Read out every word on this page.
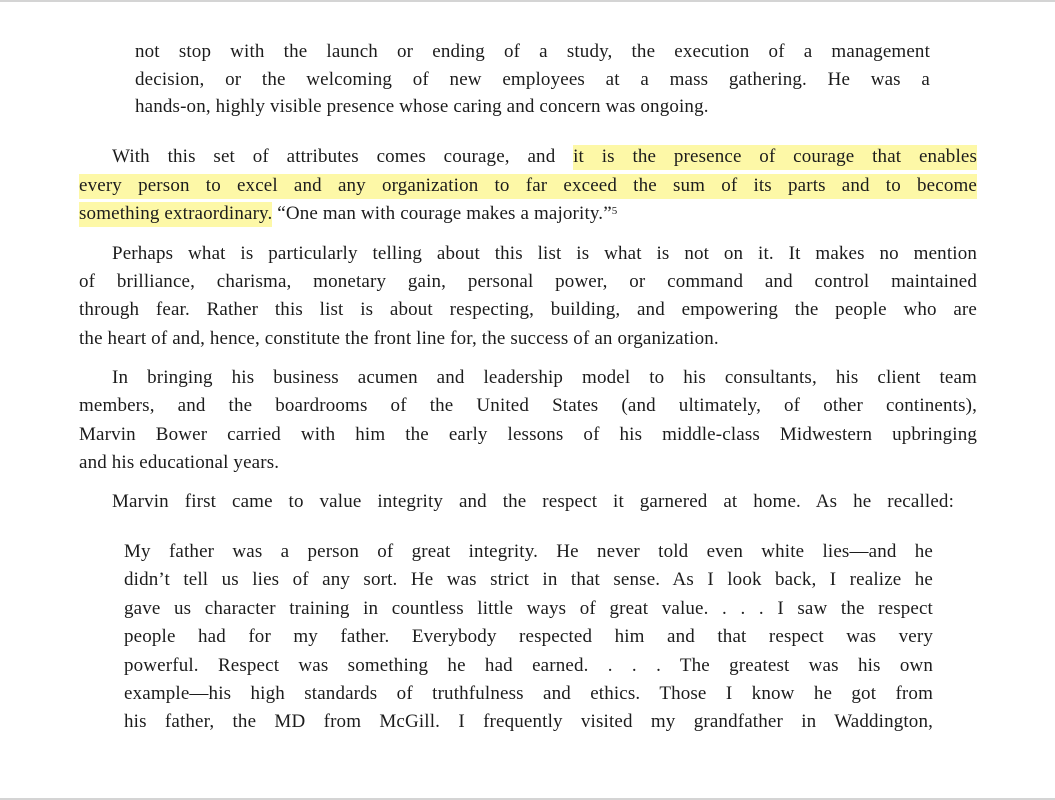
not stop with the launch or ending of a study, the execution of a management
decision, or the welcoming of new employees at a mass gathering. He was a
hands-on, highly visible presence whose caring and concern was ongoing.
With this set of attributes comes courage, and it is the presence of courage that enables
every person to excel and any organization to far exceed the sum of its parts and to become
something extraordinary. “One man with courage makes a majority.”$^5$
Perhaps what is particularly telling about this list is what is not on it. It makes no mention
of brilliance, charisma, monetary gain, personal power, or command and control maintained
through fear. Rather this list is about respecting, building, and empowering the people who are
the heart of and, hence, constitute the front line for, the success of an organization.
In bringing his business acumen and leadership model to his consultants, his client team
members, and the boardrooms of the United States (and ultimately, of other continents),
Marvin Bower carried with him the early lessons of his middle-class Midwestern upbringing
and his educational years.
Marvin first came to value integrity and the respect it garnered at home. As he recalled:
My father was a person of great integrity. He never told even white lies—and he
didn’t tell us lies of any sort. He was strict in that sense. As I look back, I realize he
gave us character training in countless little ways of great value. . . . I saw the respect
people had for my father. Everybody respected him and that respect was very
powerful. Respect was something he had earned. . . . The greatest was his own
example—his high standards of truthfulness and ethics. Those I know he got from
his father, the MD from McGill. I frequently visited my grandfather in Waddington,
